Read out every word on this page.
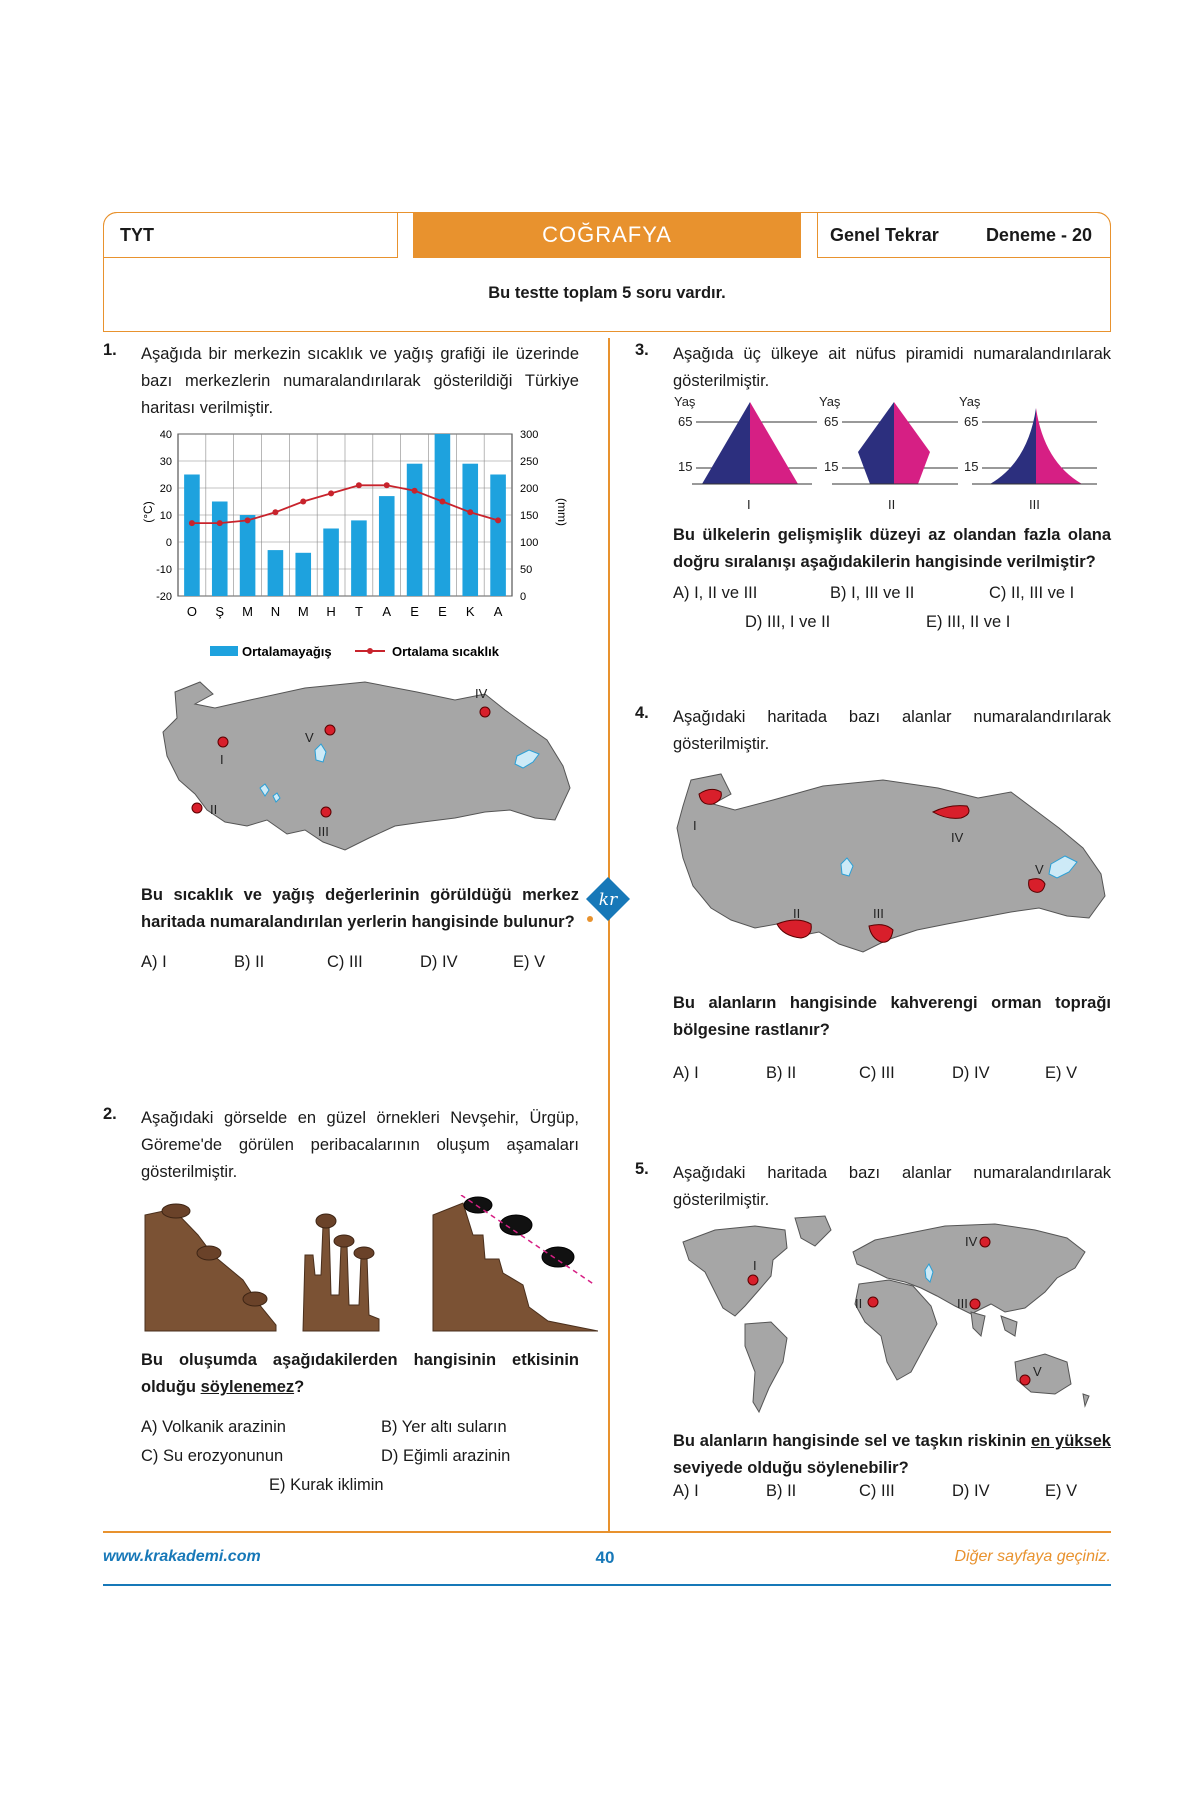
TYT	COĞRAFYA	Genel Tekrar	Deneme - 20
Bu testte toplam 5 soru vardır.
1. Aşağıda bir merkezin sıcaklık ve yağış grafiği ile üzerinde bazı merkezlerin numaralandırılarak gösterildiği Türkiye haritası verilmiştir.
40
30
20
10
0
-10
-20
300
250
200
150
100
50
0
O Ş M N M H T A E E K A
(°C)	(mm)
Ortalamayağış	Ortalama sıcaklık
I
II
III
IV
V
Bu sıcaklık ve yağış değerlerinin görüldüğü merkez haritada numaralandırılan yerlerin hangisinde bulunur?
A) I	B) II	C) III	D) IV	E) V
kr
2. Aşağıdaki görselde en güzel örnekleri Nevşehir, Ürgüp, Göreme'de görülen peribacalarının oluşum aşamaları gösterilmiştir.
Bu oluşumda aşağıdakilerden hangisinin etkisinin olduğu söylenemez?
A) Volkanik arazinin	B) Yer altı suların
C) Su erozyonunun	D) Eğimli arazinin
E) Kurak iklimin
3. Aşağıda üç ülkeye ait nüfus piramidi numaralandırılarak gösterilmiştir.
Yaş
65
15
I
Yaş
65
15
II
Yaş
65
15
III
Bu ülkelerin gelişmişlik düzeyi az olandan fazla olana doğru sıralanışı aşağıdakilerin hangisinde verilmiştir?
A) I, II ve III	B) I, III ve II	C) II, III ve I
D) III, I ve II	E) III, II ve I
4. Aşağıdaki haritada bazı alanlar numaralandırılarak gösterilmiştir.
I
II	III
IV
V
Bu alanların hangisinde kahverengi orman toprağı bölgesine rastlanır?
A) I	B) II	C) III	D) IV	E) V
5. Aşağıdaki haritada bazı alanlar numaralandırılarak gösterilmiştir.
I
II	III
IV
V
Bu alanların hangisinde sel ve taşkın riskinin en yüksek seviyede olduğu söylenebilir?
A) I	B) II	C) III	D) IV	E) V
www.krakademi.com	40	Diğer sayfaya geçiniz.
